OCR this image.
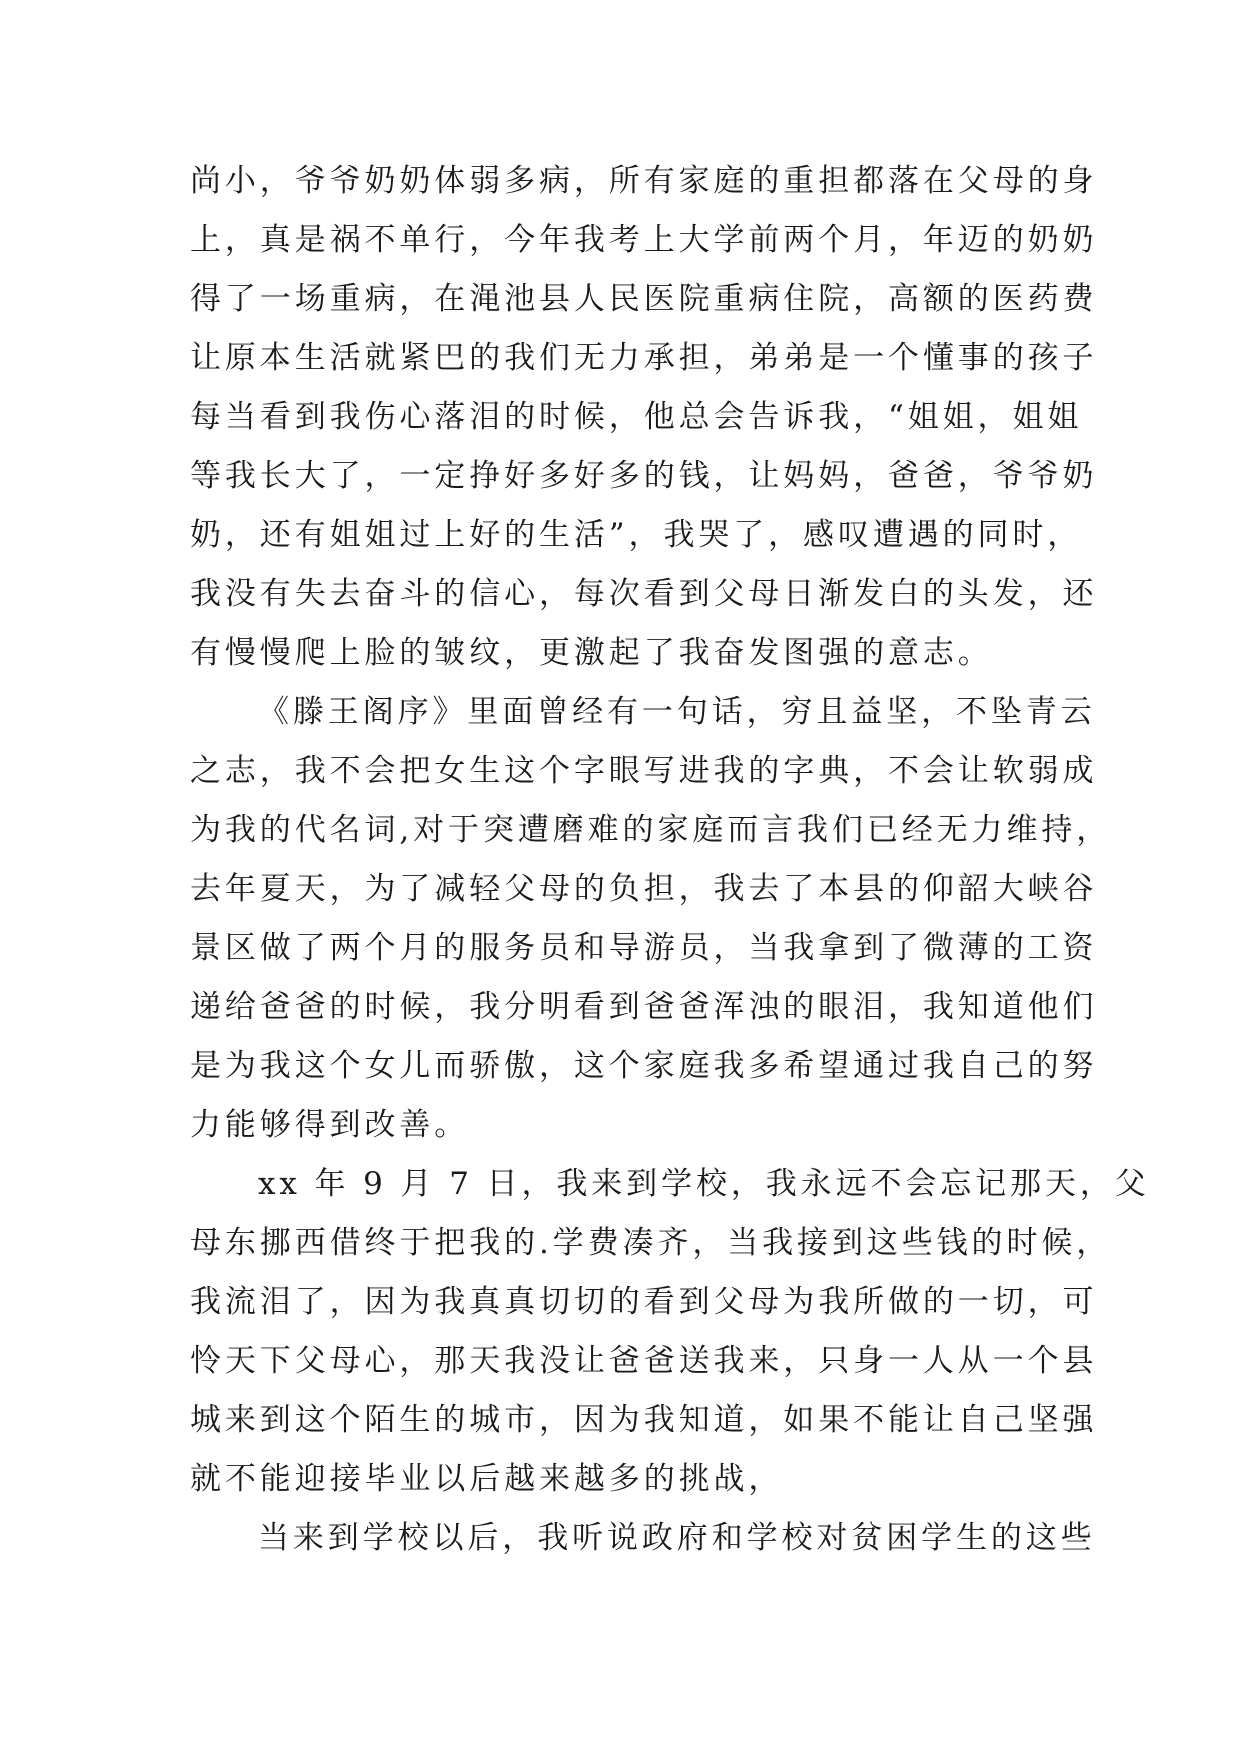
尚小，爷爷奶奶体弱多病，所有家庭的重担都落在父母的身
上，真是祸不单行，今年我考上大学前两个月，年迈的奶奶
得了一场重病，在渑池县人民医院重病住院，高额的医药费
让原本生活就紧巴的我们无力承担，弟弟是一个懂事的孩子
每当看到我伤心落泪的时候，他总会告诉我，“姐姐，姐姐
等我长大了，一定挣好多好多的钱，让妈妈，爸爸，爷爷奶
奶，还有姐姐过上好的生活”，我哭了，感叹遭遇的同时，
我没有失去奋斗的信心，每次看到父母日渐发白的头发，还
有慢慢爬上脸的皱纹，更激起了我奋发图强的意志。
《滕王阁序》里面曾经有一句话，穷且益坚，不坠青云
之志，我不会把女生这个字眼写进我的字典，不会让软弱成
为我的代名词,对于突遭磨难的家庭而言我们已经无力维持，
去年夏天，为了减轻父母的负担，我去了本县的仰韶大峡谷
景区做了两个月的服务员和导游员，当我拿到了微薄的工资
递给爸爸的时候，我分明看到爸爸浑浊的眼泪，我知道他们
是为我这个女儿而骄傲，这个家庭我多希望通过我自己的努
力能够得到改善。
xx 年 9 月 7 日，我来到学校，我永远不会忘记那天，父
母东挪西借终于把我的.学费凑齐，当我接到这些钱的时候，
我流泪了，因为我真真切切的看到父母为我所做的一切，可
怜天下父母心，那天我没让爸爸送我来，只身一人从一个县
城来到这个陌生的城市，因为我知道，如果不能让自己坚强
就不能迎接毕业以后越来越多的挑战，
当来到学校以后，我听说政府和学校对贫困学生的这些
